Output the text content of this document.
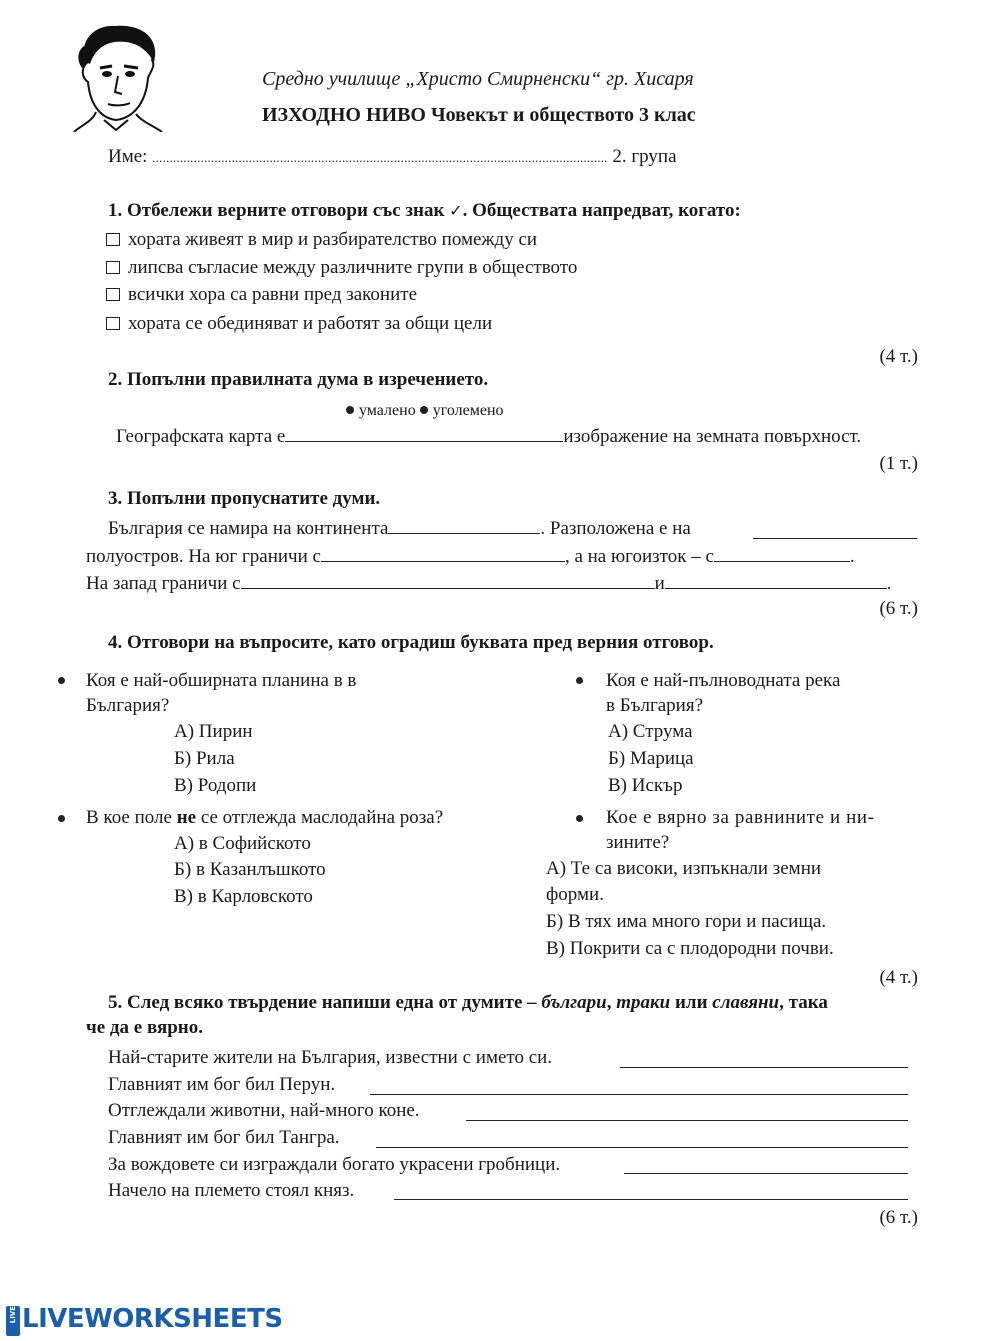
Средно училище „Христо Смирненски“ гр. Хисаря
ИЗХОДНО НИВО Човекът и обществото 3 клас
Име: .................................................................................................................................... 2. група
1. Отбележи верните отговори със знак ✓. Обществата напредват, когато:
хората живеят в мир и разбирателство помежду си
липсва съгласие между различните групи в обществото
всички хора са равни пред законите
хората се обединяват и работят за общи цели
(4 т.)
2. Попълни правилната дума в изречението.
умалено уголемено
Географската карта е	изображение на земната повърхност.
(1 т.)
3. Попълни пропуснатите думи.
България се намира на континента	. Разположена е на
полуостров. На юг граничи с	, а на югоизток – с	.
На запад граничи с	и	.
(6 т.)
4. Отговори на въпросите, като оградиш буквата пред верния отговор.
Коя е най-обширната планина в в
България?
А) Пирин
Б) Рила
В) Родопи
Коя е най-пълноводната река
в България?
А) Струма
Б) Марица
В) Искър
В кое поле не се отглежда маслодайна роза?
А) в Софийското
Б) в Казанлъшкото
В) в Карловското
Кое е вярно за равнините и ни-
зините?
А) Те са високи, изпъкнали земни
форми.
Б) В тях има много гори и пасища.
В) Покрити са с плодородни почви.
(4 т.)
5. След всяко твърдение напиши една от думите – българи, траки или славяни, така
че да е вярно.
Най-старите жители на България, известни с името си.
Главният им бог бил Перун.
Отглеждали животни, най-много коне.
Главният им бог бил Тангра.
За вождовете си изграждали богато украсени гробници.
Начело на племето стоял княз.
(6 т.)
LIVE LIVEWORKSHEETS
